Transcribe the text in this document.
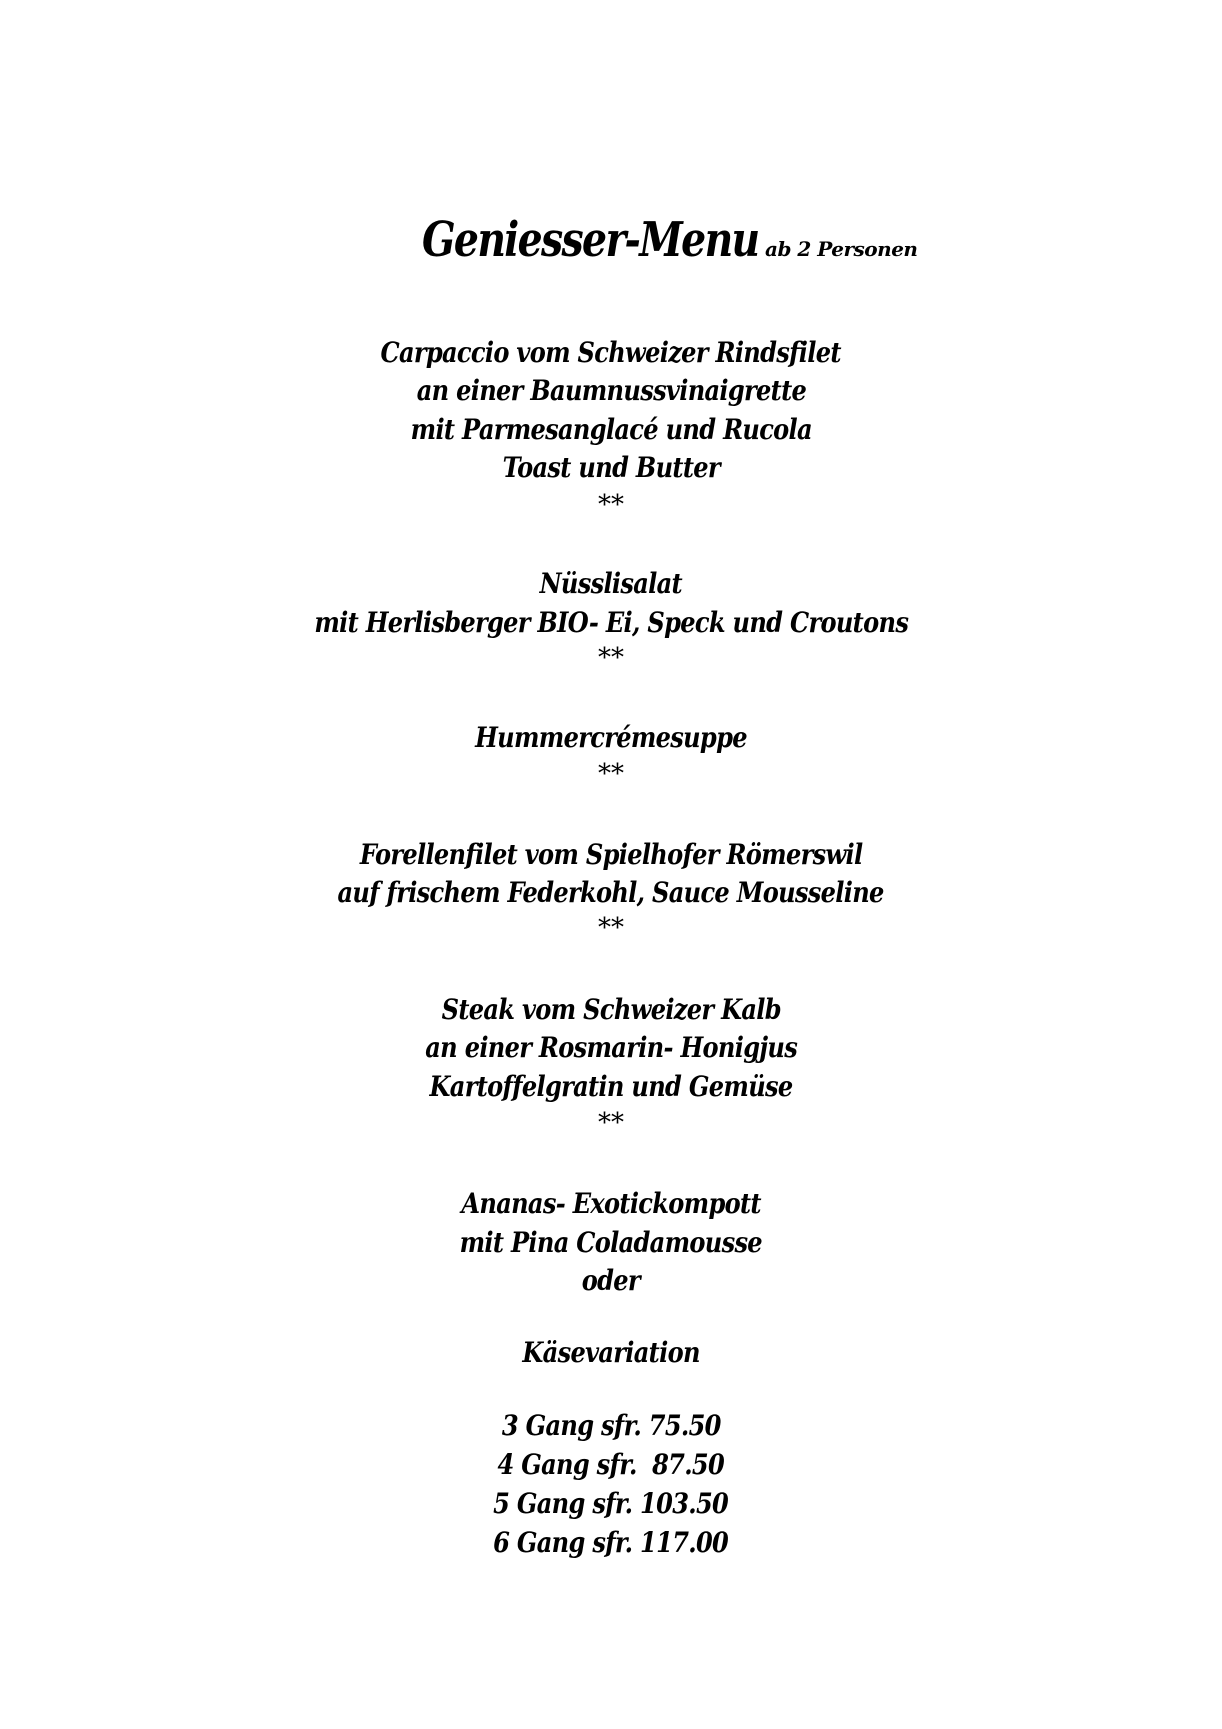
Geniesser-Menu ab 2 Personen
Carpaccio vom Schweizer Rindsfilet
an einer Baumnussvinaigrette
mit Parmesanglacé und Rucola
Toast und Butter
**
Nüsslisalat
mit Herlisberger BIO- Ei, Speck und Croutons
**
Hummercrémesuppe
**
Forellenfilet vom Spielhofer Römerswil
auf frischem Federkohl, Sauce Mousseline
**
Steak vom Schweizer Kalb
an einer Rosmarin- Honigjus
Kartoffelgratin und Gemüse
**
Ananas- Exotickompott
mit Pina Coladamousse
oder
Käsevariation
3 Gang sfr. 75.50
4 Gang sfr.  87.50
5 Gang sfr. 103.50
6 Gang sfr. 117.00
